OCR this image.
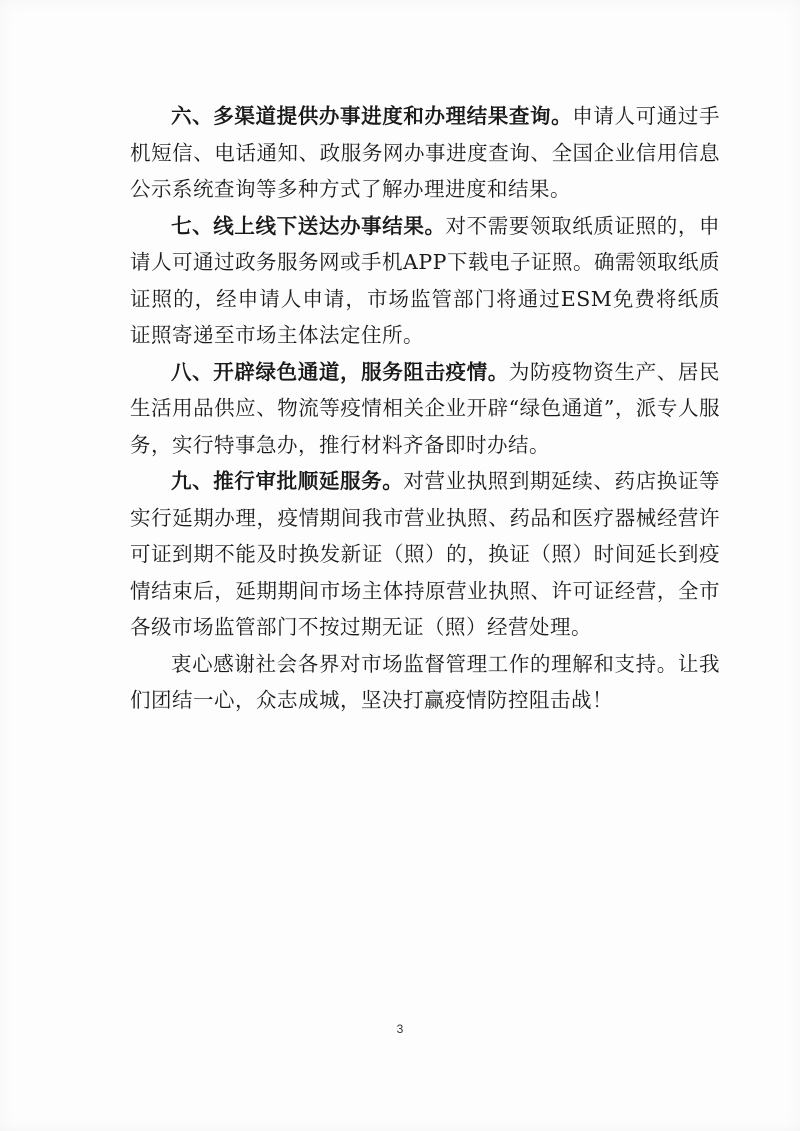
六、多渠道提供办事进度和办理结果查询。申请人可通过手机短信、电话通知、政服务网办事进度查询、全国企业信用信息公示系统查询等多种方式了解办理进度和结果。

七、线上线下送达办事结果。对不需要领取纸质证照的，申请人可通过政务服务网或手机APP下载电子证照。确需领取纸质证照的，经申请人申请，市场监管部门将通过ESM免费将纸质证照寄递至市场主体法定住所。

八、开辟绿色通道，服务阻击疫情。为防疫物资生产、居民生活用品供应、物流等疫情相关企业开辟“绿色通道”，派专人服务，实行特事急办，推行材料齐备即时办结。

九、推行审批顺延服务。对营业执照到期延续、药店换证等实行延期办理，疫情期间我市营业执照、药品和医疗器械经营许可证到期不能及时换发新证（照）的，换证（照）时间延长到疫情结束后，延期期间市场主体持原营业执照、许可证经营，全市各级市场监管部门不按过期无证（照）经营处理。

衷心感谢社会各界对市场监督管理工作的理解和支持。让我们团结一心，众志成城，坚决打赢疫情防控阻击战！

3
